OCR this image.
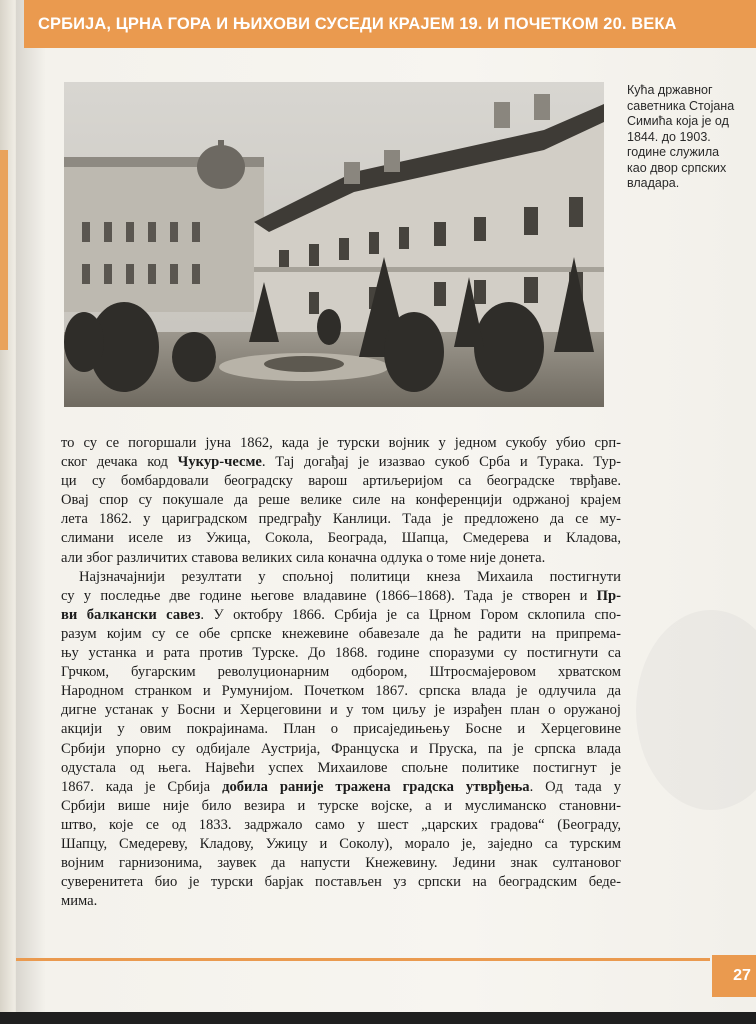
СРБИЈА, ЦРНА ГОРА И ЊИХОВИ СУСЕДИ КРАЈЕМ 19. И ПОЧЕТКОМ 20. ВЕКА
Кућа државног
саветника Стојана
Симића која је од
1844. до 1903.
године служила
као двор српских
владара.
то су се погоршали јуна 1862, када је турски војник у једном сукобу убио срп-
ског дечака код Чукур-чесме. Тај догађај је изазвао сукоб Срба и Турака. Тур-
ци су бомбардовали београдску варош артиљеријом са београдске тврђаве.
Овај спор су покушале да реше велике силе на конференцији одржаној крајем
лета 1862. у цариградском предграђу Канлици. Тада је предложено да се му-
слимани иселе из Ужица, Сокола, Београда, Шапца, Смедерева и Кладова,
али због различитих ставова великих сила коначна одлука о томе није донета.
Најзначајнији резултати у спољној политици кнеза Михаила постигнути
су у последње две године његове владавине (1866–1868). Тада је створен и Пр-
ви балкански савез. У октобру 1866. Србија је са Црном Гором склопила спо-
разум којим су се обе српске кнежевине обавезале да ће радити на припрема-
њу устанка и рата против Турске. До 1868. године споразуми су постигнути са
Грчком, бугарским револуционарним одбором, Штросмајеровом хрватском
Народном странком и Румунијом. Почетком 1867. српска влада је одлучила да
дигне устанак у Босни и Херцеговини и у том циљу је израђен план о оружаној
акцији у овим покрајинама. План о присаједињењу Босне и Херцеговине
Србији упорно су одбијале Аустрија, Француска и Пруска, па је српска влада
одустала од њега. Највећи успех Михаилове спољне политике постигнут је
1867. када је Србија добила раније тражена градска утврђења. Од тада у
Србији више није било везира и турске војске, а и муслиманско становни-
штво, које се од 1833. задржало само у шест „царских градова“ (Београду,
Шапцу, Смедереву, Кладову, Ужицу и Соколу), морало је, заједно са турским
војним гарнизонима, заувек да напусти Кнежевину. Једини знак султановог
суверенитета био је турски барјак постављен уз српски на београдским беде-
мима.
27
